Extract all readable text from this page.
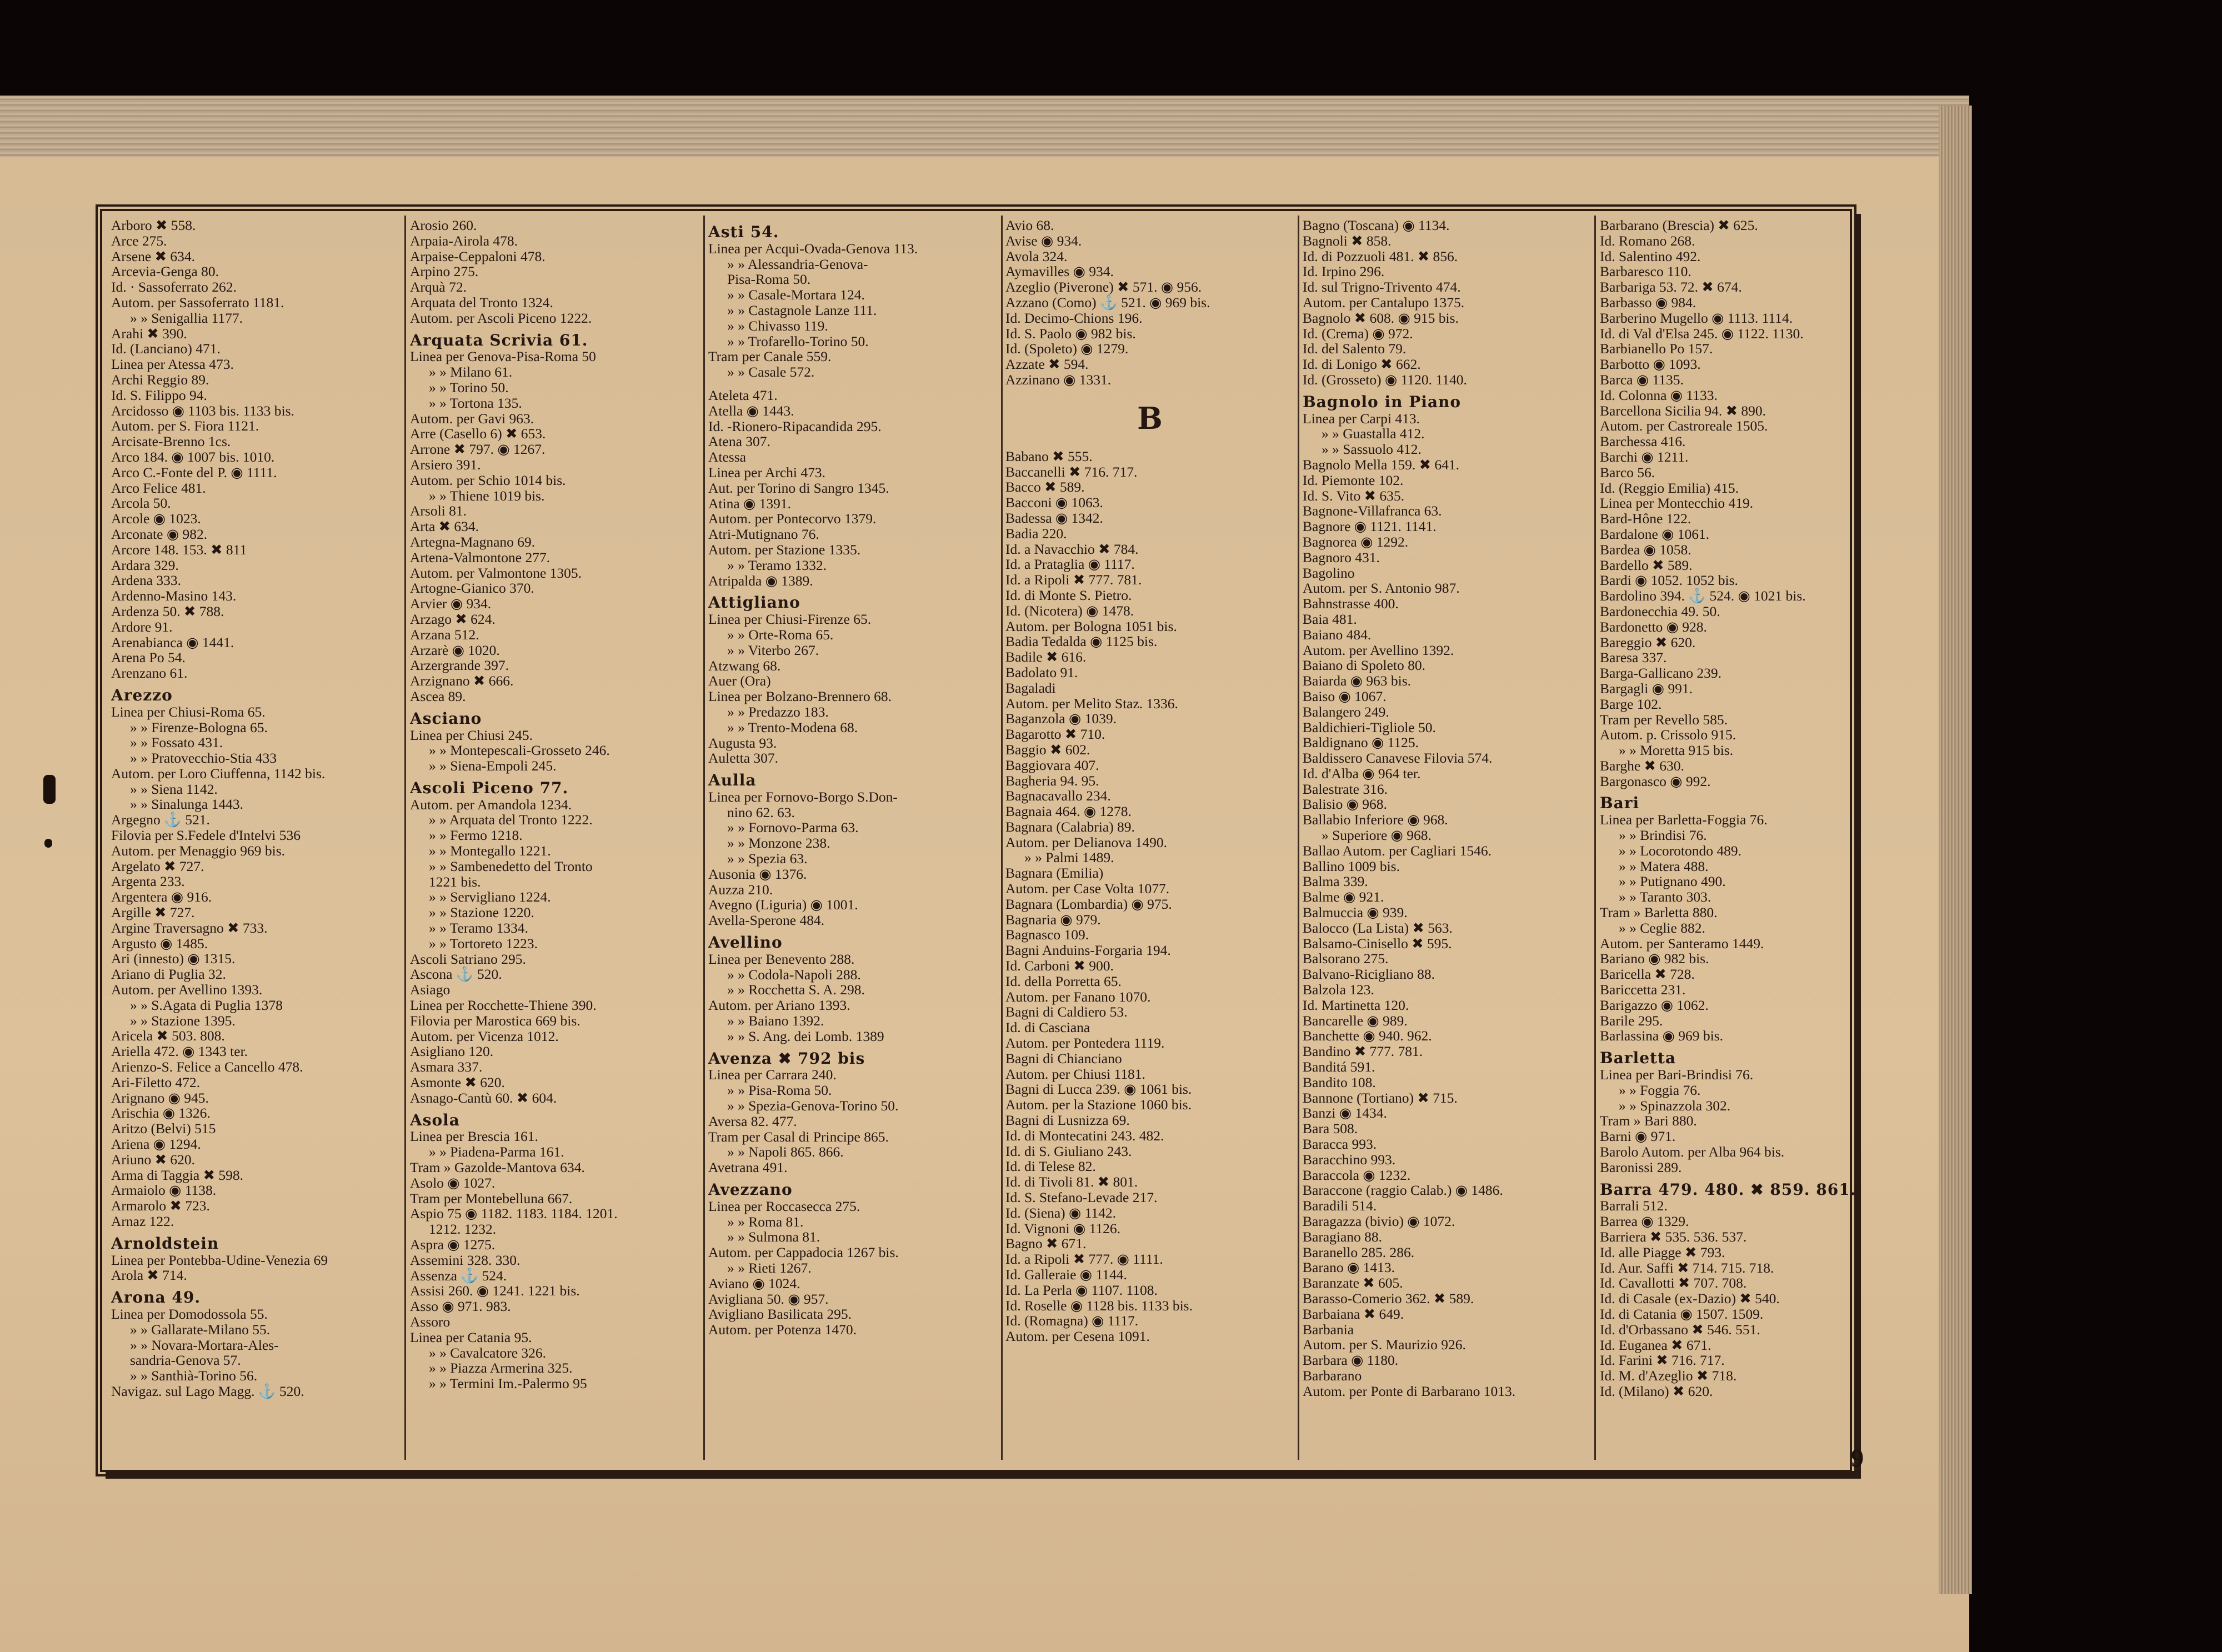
Arboro ✖ 558.
Arce 275.
Arsene ✖ 634.
Arcevia-Genga 80.
Id. · Sassoferrato 262.
Autom. per Sassoferrato 1181.
» » Senigallia 1177.
Arahi ✖ 390.
Id. (Lanciano) 471.
Linea per Atessa 473.
Archi Reggio 89.
Id. S. Filippo 94.
Arcidosso ◉ 1103 bis. 1133 bis.
Autom. per S. Fiora 1121.
Arcisate-Brenno 1cs.
Arco 184. ◉ 1007 bis. 1010.
Arco C.-Fonte del P. ◉ 1111.
Arco Felice 481.
Arcola 50.
Arcole ◉ 1023.
Arconate ◉ 982.
Arcore 148. 153. ✖ 811
Ardara 329.
Ardena 333.
Ardenno-Masino 143.
Ardenza 50. ✖ 788.
Ardore 91.
Arenabianca ◉ 1441.
Arena Po 54.
Arenzano 61.
Arezzo
Linea per Chiusi-Roma 65.
» » Firenze-Bologna 65.
» » Fossato 431.
» » Pratovecchio-Stia 433
Autom. per Loro Ciuffenna, 1142 bis.
» » Siena 1142.
» » Sinalunga 1443.
Argegno ⚓ 521.
Filovia per S.Fedele d'Intelvi 536
Autom. per Menaggio 969 bis.
Argelato ✖ 727.
Argenta 233.
Argentera ◉ 916.
Argille ✖ 727.
Argine Traversagno ✖ 733.
Argusto ◉ 1485.
Ari (innesto) ◉ 1315.
Ariano di Puglia 32.
Autom. per Avellino 1393.
» » S.Agata di Puglia 1378
» » Stazione 1395.
Aricela ✖ 503. 808.
Ariella 472. ◉ 1343 ter.
Arienzo-S. Felice a Cancello 478.
Ari-Filetto 472.
Arignano ◉ 945.
Arischia ◉ 1326.
Aritzo (Belvi) 515
Ariena ◉ 1294.
Ariuno ✖ 620.
Arma di Taggia ✖ 598.
Armaiolo ◉ 1138.
Armarolo ✖ 723.
Arnaz 122.
Arnoldstein
Linea per Pontebba-Udine-Venezia 69
Arola ✖ 714.
Arona 49.
Linea per Domodossola 55.
» » Gallarate-Milano 55.
» » Novara-Mortara-Ales-
sandria-Genova 57.
» » Santhià-Torino 56.
Navigaz. sul Lago Magg. ⚓ 520.
Arosio 260.
Arpaia-Airola 478.
Arpaise-Ceppaloni 478.
Arpino 275.
Arquà 72.
Arquata del Tronto 1324.
Autom. per Ascoli Piceno 1222.
Arquata Scrivia 61.
Linea per Genova-Pisa-Roma 50
» » Milano 61.
» » Torino 50.
» » Tortona 135.
Autom. per Gavi 963.
Arre (Casello 6) ✖ 653.
Arrone ✖ 797. ◉ 1267.
Arsiero 391.
Autom. per Schio 1014 bis.
» » Thiene 1019 bis.
Arsoli 81.
Arta ✖ 634.
Artegna-Magnano 69.
Artena-Valmontone 277.
Autom. per Valmontone 1305.
Artogne-Gianico 370.
Arvier ◉ 934.
Arzago ✖ 624.
Arzana 512.
Arzarè ◉ 1020.
Arzergrande 397.
Arzignano ✖ 666.
Ascea 89.
Asciano
Linea per Chiusi 245.
» » Montepescali-Grosseto 246.
» » Siena-Empoli 245.
Ascoli Piceno 77.
Autom. per Amandola 1234.
» » Arquata del Tronto 1222.
» » Fermo 1218.
» » Montegallo 1221.
» » Sambenedetto del Tronto
1221 bis.
» » Servigliano 1224.
» » Stazione 1220.
» » Teramo 1334.
» » Tortoreto 1223.
Ascoli Satriano 295.
Ascona ⚓ 520.
Asiago
Linea per Rocchette-Thiene 390.
Filovia per Marostica 669 bis.
Autom. per Vicenza 1012.
Asigliano 120.
Asmara 337.
Asmonte ✖ 620.
Asnago-Cantù 60. ✖ 604.
Asola
Linea per Brescia 161.
» » Piadena-Parma 161.
Tram » Gazolde-Mantova 634.
Asolo ◉ 1027.
Tram per Montebelluna 667.
Aspio 75 ◉ 1182. 1183. 1184. 1201.
1212. 1232.
Aspra ◉ 1275.
Assemini 328. 330.
Assenza ⚓ 524.
Assisi 260. ◉ 1241. 1221 bis.
Asso ◉ 971. 983.
Assoro
Linea per Catania 95.
» » Cavalcatore 326.
» » Piazza Armerina 325.
» » Termini Im.-Palermo 95
Asti 54.
Linea per Acqui-Ovada-Genova 113.
» » Alessandria-Genova-
Pisa-Roma 50.
» » Casale-Mortara 124.
» » Castagnole Lanze 111.
» » Chivasso 119.
» » Trofarello-Torino 50.
Tram per Canale 559.
» » Casale 572.
Ateleta 471.
Atella ◉ 1443.
Id. -Rionero-Ripacandida 295.
Atena 307.
Atessa
Linea per Archi 473.
Aut. per Torino di Sangro 1345.
Atina ◉ 1391.
Autom. per Pontecorvo 1379.
Atri-Mutignano 76.
Autom. per Stazione 1335.
» » Teramo 1332.
Atripalda ◉ 1389.
Attigliano
Linea per Chiusi-Firenze 65.
» » Orte-Roma 65.
» » Viterbo 267.
Atzwang 68.
Auer (Ora)
Linea per Bolzano-Brennero 68.
» » Predazzo 183.
» » Trento-Modena 68.
Augusta 93.
Auletta 307.
Aulla
Linea per Fornovo-Borgo S.Don-
nino 62. 63.
» » Fornovo-Parma 63.
» » Monzone 238.
» » Spezia 63.
Ausonia ◉ 1376.
Auzza 210.
Avegno (Liguria) ◉ 1001.
Avella-Sperone 484.
Avellino
Linea per Benevento 288.
» » Codola-Napoli 288.
» » Rocchetta S. A. 298.
Autom. per Ariano 1393.
» » Baiano 1392.
» » S. Ang. dei Lomb. 1389
Avenza ✖ 792 bis
Linea per Carrara 240.
» » Pisa-Roma 50.
» » Spezia-Genova-Torino 50.
Aversa 82. 477.
Tram per Casal di Principe 865.
» » Napoli 865. 866.
Avetrana 491.
Avezzano
Linea per Roccasecca 275.
» » Roma 81.
» » Sulmona 81.
Autom. per Cappadocia 1267 bis.
» » Rieti 1267.
Aviano ◉ 1024.
Avigliana 50. ◉ 957.
Avigliano Basilicata 295.
Autom. per Potenza 1470.
Avio 68.
Avise ◉ 934.
Avola 324.
Aymavilles ◉ 934.
Azeglio (Piverone) ✖ 571. ◉ 956.
Azzano (Como) ⚓ 521. ◉ 969 bis.
Id. Decimo-Chions 196.
Id. S. Paolo ◉ 982 bis.
Id. (Spoleto) ◉ 1279.
Azzate ✖ 594.
Azzinano ◉ 1331.
B
Babano ✖ 555.
Baccanelli ✖ 716. 717.
Bacco ✖ 589.
Bacconi ◉ 1063.
Badessa ◉ 1342.
Badia 220.
Id. a Navacchio ✖ 784.
Id. a Prataglia ◉ 1117.
Id. a Ripoli ✖ 777. 781.
Id. di Monte S. Pietro.
Id. (Nicotera) ◉ 1478.
Autom. per Bologna 1051 bis.
Badia Tedalda ◉ 1125 bis.
Badile ✖ 616.
Badolato 91.
Bagaladi
Autom. per Melito Staz. 1336.
Baganzola ◉ 1039.
Bagarotto ✖ 710.
Baggio ✖ 602.
Baggiovara 407.
Bagheria 94. 95.
Bagnacavallo 234.
Bagnaia 464. ◉ 1278.
Bagnara (Calabria) 89.
Autom. per Delianova 1490.
» » Palmi 1489.
Bagnara (Emilia)
Autom. per Case Volta 1077.
Bagnara (Lombardia) ◉ 975.
Bagnaria ◉ 979.
Bagnasco 109.
Bagni Anduins-Forgaria 194.
Id. Carboni ✖ 900.
Id. della Porretta 65.
Autom. per Fanano 1070.
Bagni di Caldiero 53.
Id. di Casciana
Autom. per Pontedera 1119.
Bagni di Chianciano
Autom. per Chiusi 1181.
Bagni di Lucca 239. ◉ 1061 bis.
Autom. per la Stazione 1060 bis.
Bagni di Lusnizza 69.
Id. di Montecatini 243. 482.
Id. di S. Giuliano 243.
Id. di Telese 82.
Id. di Tivoli 81. ✖ 801.
Id. S. Stefano-Levade 217.
Id. (Siena) ◉ 1142.
Id. Vignoni ◉ 1126.
Bagno ✖ 671.
Id. a Ripoli ✖ 777. ◉ 1111.
Id. Galleraie ◉ 1144.
Id. La Perla ◉ 1107. 1108.
Id. Roselle ◉ 1128 bis. 1133 bis.
Id. (Romagna) ◉ 1117.
Autom. per Cesena 1091.
Bagno (Toscana) ◉ 1134.
Bagnoli ✖ 858.
Id. di Pozzuoli 481. ✖ 856.
Id. Irpino 296.
Id. sul Trigno-Trivento 474.
Autom. per Cantalupo 1375.
Bagnolo ✖ 608. ◉ 915 bis.
Id. (Crema) ◉ 972.
Id. del Salento 79.
Id. di Lonigo ✖ 662.
Id. (Grosseto) ◉ 1120. 1140.
Bagnolo in Piano
Linea per Carpi 413.
» » Guastalla 412.
» » Sassuolo 412.
Bagnolo Mella 159. ✖ 641.
Id. Piemonte 102.
Id. S. Vito ✖ 635.
Bagnone-Villafranca 63.
Bagnore ◉ 1121. 1141.
Bagnorea ◉ 1292.
Bagnoro 431.
Bagolino
Autom. per S. Antonio 987.
Bahnstrasse 400.
Baia 481.
Baiano 484.
Autom. per Avellino 1392.
Baiano di Spoleto 80.
Baiarda ◉ 963 bis.
Baiso ◉ 1067.
Balangero 249.
Baldichieri-Tigliole 50.
Baldignano ◉ 1125.
Baldissero Canavese Filovia 574.
Id. d'Alba ◉ 964 ter.
Balestrate 316.
Balisio ◉ 968.
Ballabio Inferiore ◉ 968.
» Superiore ◉ 968.
Ballao Autom. per Cagliari 1546.
Ballino 1009 bis.
Balma 339.
Balme ◉ 921.
Balmuccia ◉ 939.
Balocco (La Lista) ✖ 563.
Balsamo-Cinisello ✖ 595.
Balsorano 275.
Balvano-Ricigliano 88.
Balzola 123.
Id. Martinetta 120.
Bancarelle ◉ 989.
Banchette ◉ 940. 962.
Bandino ✖ 777. 781.
Banditá 591.
Bandito 108.
Bannone (Tortiano) ✖ 715.
Banzi ◉ 1434.
Bara 508.
Baracca 993.
Baracchino 993.
Baraccola ◉ 1232.
Baraccone (raggio Calab.) ◉ 1486.
Baradili 514.
Baragazza (bivio) ◉ 1072.
Baragiano 88.
Baranello 285. 286.
Barano ◉ 1413.
Baranzate ✖ 605.
Barasso-Comerio 362. ✖ 589.
Barbaiana ✖ 649.
Barbania
Autom. per S. Maurizio 926.
Barbara ◉ 1180.
Barbarano
Autom. per Ponte di Barbarano 1013.
Barbarano (Brescia) ✖ 625.
Id. Romano 268.
Id. Salentino 492.
Barbaresco 110.
Barbariga 53. 72. ✖ 674.
Barbasso ◉ 984.
Barberino Mugello ◉ 1113. 1114.
Id. di Val d'Elsa 245. ◉ 1122. 1130.
Barbianello Po 157.
Barbotto ◉ 1093.
Barca ◉ 1135.
Id. Colonna ◉ 1133.
Barcellona Sicilia 94. ✖ 890.
Autom. per Castroreale 1505.
Barchessa 416.
Barchi ◉ 1211.
Barco 56.
Id. (Reggio Emilia) 415.
Linea per Montecchio 419.
Bard-Hône 122.
Bardalone ◉ 1061.
Bardea ◉ 1058.
Bardello ✖ 589.
Bardi ◉ 1052. 1052 bis.
Bardolino 394. ⚓ 524. ◉ 1021 bis.
Bardonecchia 49. 50.
Bardonetto ◉ 928.
Bareggio ✖ 620.
Baresa 337.
Barga-Gallicano 239.
Bargagli ◉ 991.
Barge 102.
Tram per Revello 585.
Autom. p. Crissolo 915.
» » Moretta 915 bis.
Barghe ✖ 630.
Bargonasco ◉ 992.
Bari
Linea per Barletta-Foggia 76.
» » Brindisi 76.
» » Locorotondo 489.
» » Matera 488.
» » Putignano 490.
» » Taranto 303.
Tram » Barletta 880.
» » Ceglie 882.
Autom. per Santeramo 1449.
Bariano ◉ 982 bis.
Baricella ✖ 728.
Bariccetta 231.
Barigazzo ◉ 1062.
Barile 295.
Barlassina ◉ 969 bis.
Barletta
Linea per Bari-Brindisi 76.
» » Foggia 76.
» » Spinazzola 302.
Tram » Bari 880.
Barni ◉ 971.
Barolo Autom. per Alba 964 bis.
Baronissi 289.
Barra 479. 480. ✖ 859. 861.
Barrali 512.
Barrea ◉ 1329.
Barriera ✖ 535. 536. 537.
Id. alle Piagge ✖ 793.
Id. Aur. Saffi ✖ 714. 715. 718.
Id. Cavallotti ✖ 707. 708.
Id. di Casale (ex-Dazio) ✖ 540.
Id. di Catania ◉ 1507. 1509.
Id. d'Orbassano ✖ 546. 551.
Id. Euganea ✖ 671.
Id. Farini ✖ 716. 717.
Id. M. d'Azeglio ✖ 718.
Id. (Milano) ✖ 620.
9
